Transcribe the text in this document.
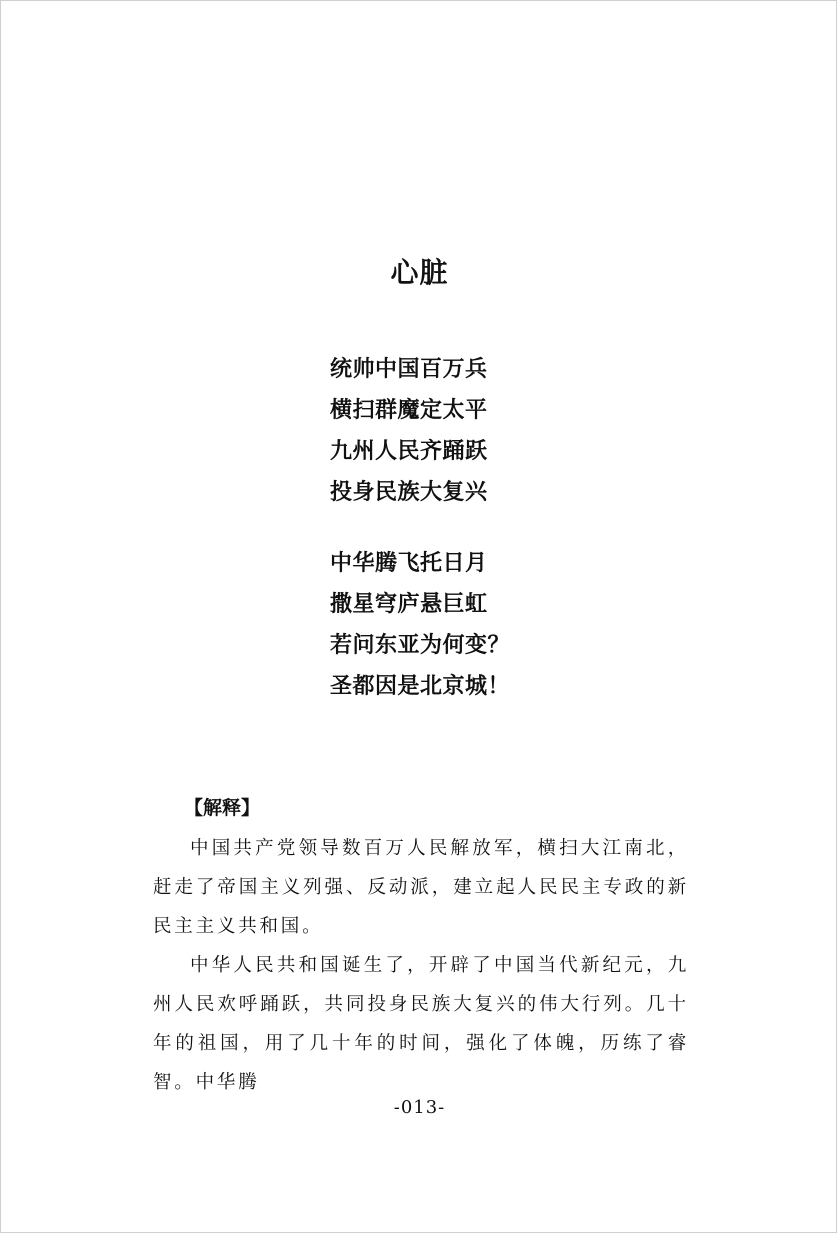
心脏
统帅中国百万兵
横扫群魔定太平
九州人民齐踊跃
投身民族大复兴
中华腾飞托日月
撒星穹庐悬巨虹
若问东亚为何变？
圣都因是北京城！
【解释】

中国共产党领导数百万人民解放军，横扫大江南北，赶走了帝国主义列强、反动派，建立起人民民主专政的新民主主义共和国。

中华人民共和国诞生了，开辟了中国当代新纪元，九州人民欢呼踊跃，共同投身民族大复兴的伟大行列。几十年的祖国，用了几十年的时间，强化了体魄，历练了睿智。中华腾

-013-
